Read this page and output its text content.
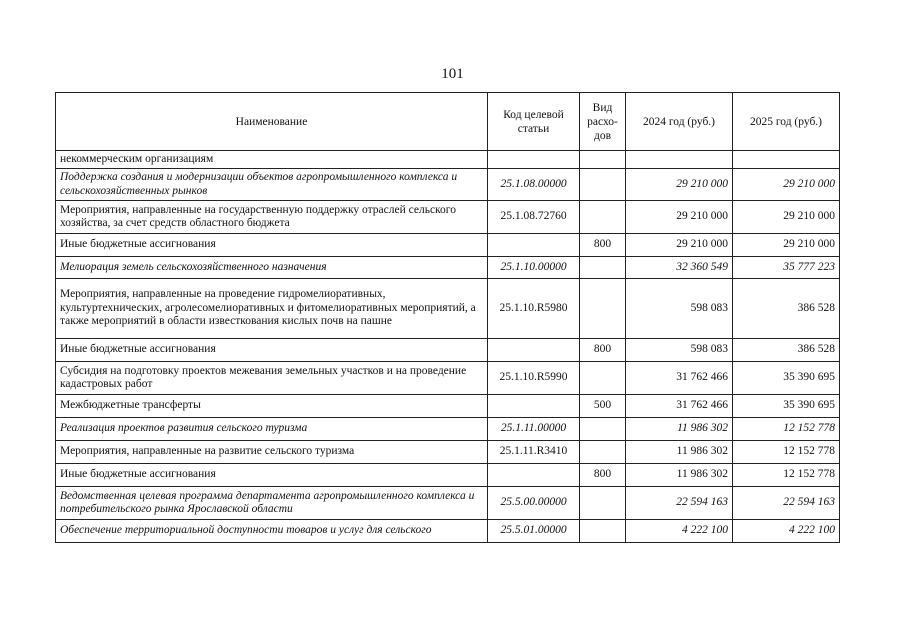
101
Наименование	Код целевой статьи	Вид расхо-дов	2024 год (руб.)	2025 год (руб.)
некоммерческим организациям				
Поддержка создания и модернизации объектов агропромышленного комплекса и сельскохозяйственных рынков	25.1.08.00000		29 210 000	29 210 000
Мероприятия, направленные на государственную поддержку отраслей сельского хозяйства, за счет средств областного бюджета	25.1.08.72760		29 210 000	29 210 000
Иные бюджетные ассигнования		800	29 210 000	29 210 000
Мелиорация земель сельскохозяйственного назначения	25.1.10.00000		32 360 549	35 777 223
Мероприятия, направленные на проведение гидромелиоративных, культуртехнических, агролесомелиоративных и фитомелиоративных мероприятий, а также мероприятий в области известкования кислых почв на пашне	25.1.10.R5980		598 083	386 528
Иные бюджетные ассигнования		800	598 083	386 528
Субсидия на подготовку проектов межевания земельных участков и на проведение кадастровых работ	25.1.10.R5990		31 762 466	35 390 695
Межбюджетные трансферты		500	31 762 466	35 390 695
Реализация проектов развития сельского туризма	25.1.11.00000		11 986 302	12 152 778
Мероприятия, направленные на развитие сельского туризма	25.1.11.R3410		11 986 302	12 152 778
Иные бюджетные ассигнования		800	11 986 302	12 152 778
Ведомственная целевая программа департамента агропромышленного комплекса и потребительского рынка Ярославской области	25.5.00.00000		22 594 163	22 594 163
Обеспечение территориальной доступности товаров и услуг для сельского	25.5.01.00000		4 222 100	4 222 100
